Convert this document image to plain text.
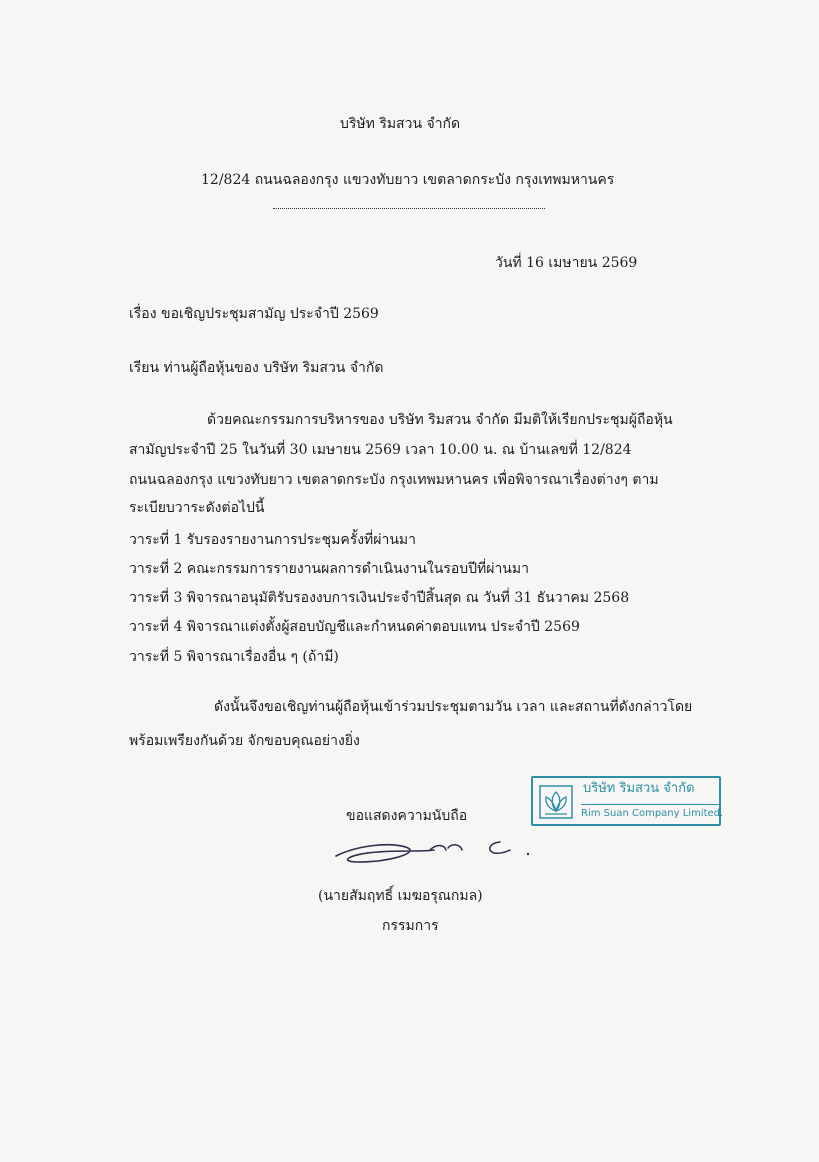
บริษัท ริมสวน จำกัด
12/824 ถนนฉลองกรุง แขวงทับยาว เขตลาดกระบัง กรุงเทพมหานคร
วันที่ 16 เมษายน 2569
เรื่อง ขอเชิญประชุมสามัญ ประจำปี 2569
เรียน ท่านผู้ถือหุ้นของ บริษัท ริมสวน จำกัด
ด้วยคณะกรรมการบริหารของ บริษัท ริมสวน จำกัด มีมติให้เรียกประชุมผู้ถือหุ้น
สามัญประจำปี 25 ในวันที่ 30 เมษายน 2569 เวลา 10.00 น. ณ บ้านเลขที่ 12/824
ถนนฉลองกรุง แขวงทับยาว เขตลาดกระบัง กรุงเทพมหานคร เพื่อพิจารณาเรื่องต่างๆ ตาม
ระเบียบวาระดังต่อไปนี้
วาระที่ 1 รับรองรายงานการประชุมครั้งที่ผ่านมา
วาระที่ 2 คณะกรรมการรายงานผลการดำเนินงานในรอบปีที่ผ่านมา
วาระที่ 3 พิจารณาอนุมัติรับรองงบการเงินประจำปีสิ้นสุด ณ วันที่ 31 ธันวาคม 2568
วาระที่ 4 พิจารณาแต่งตั้งผู้สอบบัญชีและกำหนดค่าตอบแทน ประจำปี 2569
วาระที่ 5 พิจารณาเรื่องอื่น ๆ (ถ้ามี)
ดังนั้นจึงขอเชิญท่านผู้ถือหุ้นเข้าร่วมประชุมตามวัน เวลา และสถานที่ดังกล่าวโดย
พร้อมเพรียงกันด้วย จักขอบคุณอย่างยิ่ง
บริษัท ริมสวน จำกัด
Rim Suan Company Limited.
ขอแสดงความนับถือ
(นายสัมฤทธิ์ เมฆอรุณกมล)
กรรมการ
